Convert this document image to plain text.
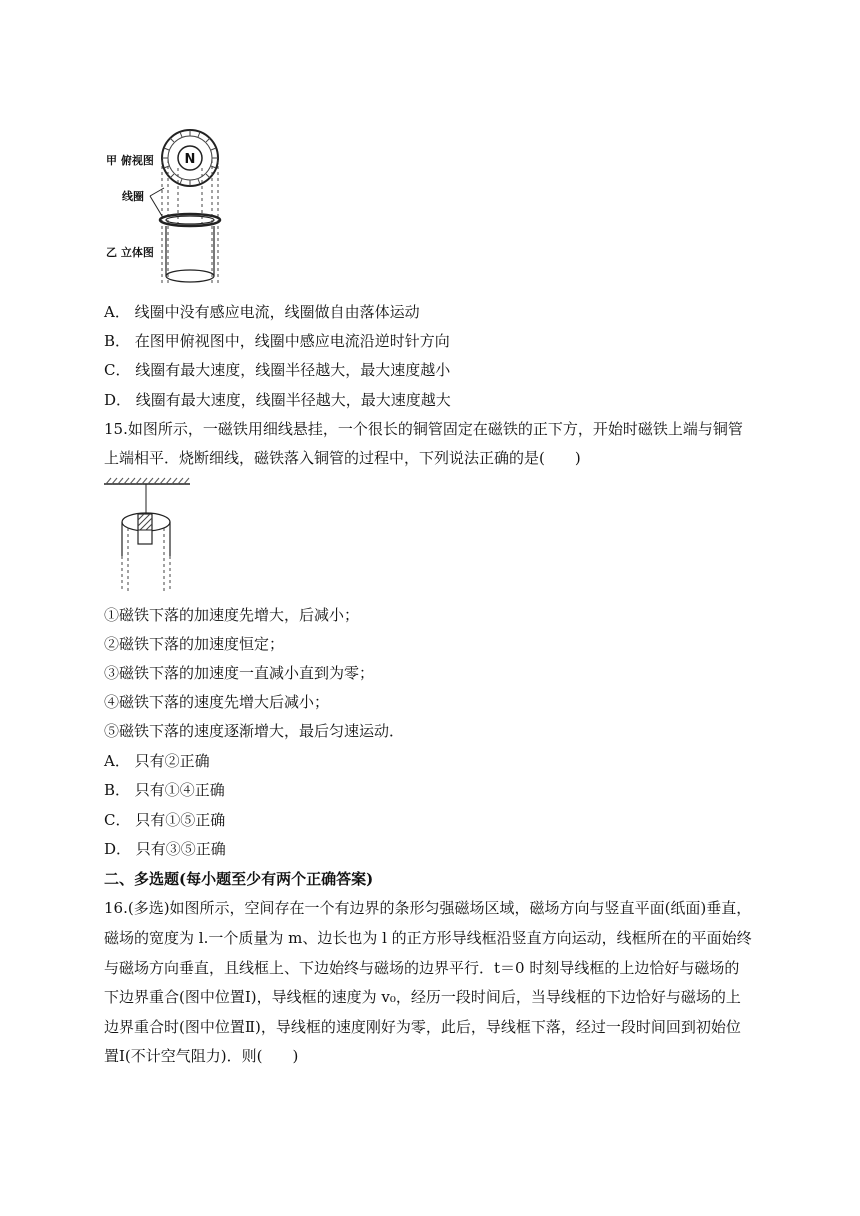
N
甲 俯视图
线圈
乙 立体图
A． 线圈中没有感应电流，线圈做自由落体运动
B． 在图甲俯视图中，线圈中感应电流沿逆时针方向
C． 线圈有最大速度，线圈半径越大，最大速度越小
D． 线圈有最大速度，线圈半径越大，最大速度越大
15.如图所示，一磁铁用细线悬挂，一个很长的铜管固定在磁铁的正下方，开始时磁铁上端与铜管
上端相平．烧断细线，磁铁落入铜管的过程中，下列说法正确的是(　　)
①磁铁下落的加速度先增大，后减小；
②磁铁下落的加速度恒定；
③磁铁下落的加速度一直减小直到为零；
④磁铁下落的速度先增大后减小；
⑤磁铁下落的速度逐渐增大，最后匀速运动．
A． 只有②正确
B． 只有①④正确
C． 只有①⑤正确
D． 只有③⑤正确
二、多选题(每小题至少有两个正确答案)
16.(多选)如图所示，空间存在一个有边界的条形匀强磁场区域，磁场方向与竖直平面(纸面)垂直，
磁场的宽度为 l.一个质量为 m、边长也为 l 的正方形导线框沿竖直方向运动，线框所在的平面始终
与磁场方向垂直，且线框上、下边始终与磁场的边界平行．t＝0 时刻导线框的上边恰好与磁场的
下边界重合(图中位置Ⅰ)，导线框的速度为 v₀，经历一段时间后，当导线框的下边恰好与磁场的上
边界重合时(图中位置Ⅱ)，导线框的速度刚好为零，此后，导线框下落，经过一段时间回到初始位
置Ⅰ(不计空气阻力)．则(　　)
